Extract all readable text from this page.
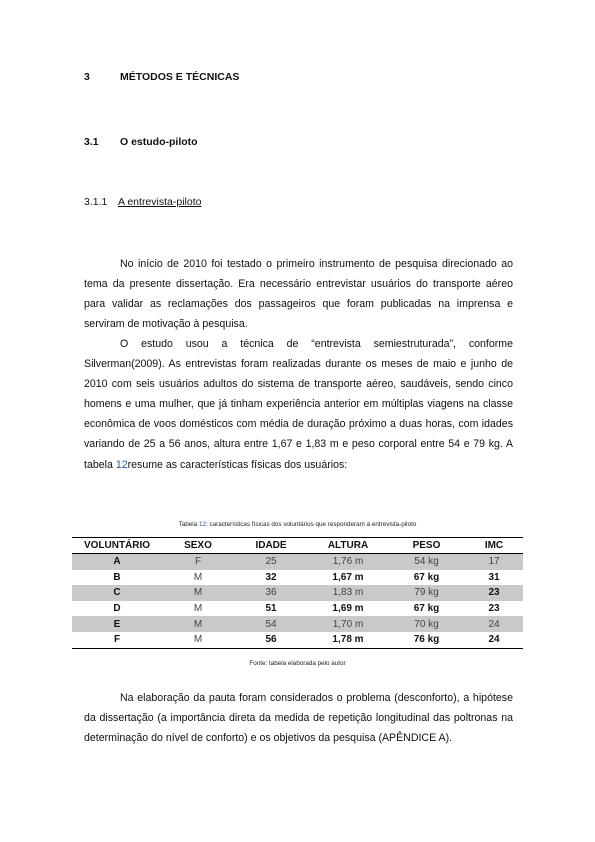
3	MÉTODOS E TÉCNICAS
3.1 O estudo-piloto
3.1.1 A entrevista-piloto

No início de 2010 foi testado o primeiro instrumento de pesquisa direcionado ao tema da presente dissertação. Era necessário entrevistar usuários do transporte aéreo para validar as reclamações dos passageiros que foram publicadas na imprensa e serviram de motivação à pesquisa.

O estudo usou a técnica de “entrevista semiestruturada”, conforme Silverman(2009). As entrevistas foram realizadas durante os meses de maio e junho de 2010 com seis usuários adultos do sistema de transporte aéreo, saudáveis, sendo cinco homens e uma mulher, que já tinham experiência anterior em múltiplas viagens na classe econômica de voos domésticos com média de duração próximo a duas horas, com idades variando de 25 a 56 anos, altura entre 1,67 e 1,83 m e peso corporal entre 54 e 79 kg. A tabela 12resume as características físicas dos usuários:

Tabela 12: características físicas dos voluntários que responderam à entrevista-piloto
VOLUNTÁRIO	SEXO	IDADE	ALTURA	PESO	IMC
A	F	25	1,76 m	54 kg	17
B	M	32	1,67 m	67 kg	31
C	M	36	1,83 m	79 kg	23
D	M	51	1,69 m	67 kg	23
E	M	54	1,70 m	70 kg	24
F	M	56	1,78 m	76 kg	24
Fonte: tabela elaborada pelo autor

Na elaboração da pauta foram considerados o problema (desconforto), a hipótese da dissertação (a importância direta da medida de repetição longitudinal das poltronas na determinação do nível de conforto) e os objetivos da pesquisa (APÊNDICE A).
